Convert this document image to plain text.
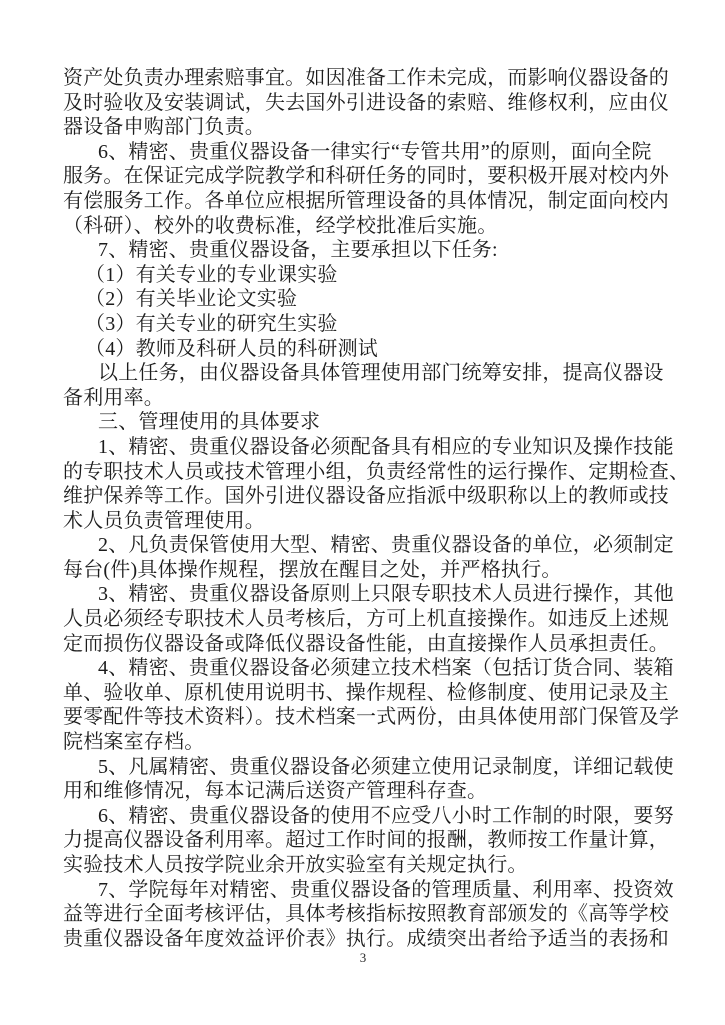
资产处负责办理索赔事宜。如因准备工作未完成，而影响仪器设备的
及时验收及安装调试，失去国外引进设备的索赔、维修权利，应由仪
器设备申购部门负责。
6、精密、贵重仪器设备一律实行“专管共用”的原则，面向全院
服务。在保证完成学院教学和科研任务的同时，要积极开展对校内外
有偿服务工作。各单位应根据所管理设备的具体情况，制定面向校内
（科研）、校外的收费标准，经学校批准后实施。
7、精密、贵重仪器设备，主要承担以下任务:
（1）有关专业的专业课实验
（2）有关毕业论文实验
（3）有关专业的研究生实验
（4）教师及科研人员的科研测试
以上任务，由仪器设备具体管理使用部门统筹安排，提高仪器设
备利用率。
三、管理使用的具体要求
1、精密、贵重仪器设备必须配备具有相应的专业知识及操作技能
的专职技术人员或技术管理小组，负责经常性的运行操作、定期检查、
维护保养等工作。国外引进仪器设备应指派中级职称以上的教师或技
术人员负责管理使用。
2、凡负责保管使用大型、精密、贵重仪器设备的单位，必须制定
每台(件)具体操作规程，摆放在醒目之处，并严格执行。
3、精密、贵重仪器设备原则上只限专职技术人员进行操作，其他
人员必须经专职技术人员考核后，方可上机直接操作。如违反上述规
定而损伤仪器设备或降低仪器设备性能，由直接操作人员承担责任。
4、精密、贵重仪器设备必须建立技术档案（包括订货合同、装箱
单、验收单、原机使用说明书、操作规程、检修制度、使用记录及主
要零配件等技术资料）。技术档案一式两份，由具体使用部门保管及学
院档案室存档。
5、凡属精密、贵重仪器设备必须建立使用记录制度，详细记载使
用和维修情况，每本记满后送资产管理科存查。
6、精密、贵重仪器设备的使用不应受八小时工作制的时限，要努
力提高仪器设备利用率。超过工作时间的报酬，教师按工作量计算，
实验技术人员按学院业余开放实验室有关规定执行。
7、学院每年对精密、贵重仪器设备的管理质量、利用率、投资效
益等进行全面考核评估，具体考核指标按照教育部颁发的《高等学校
贵重仪器设备年度效益评价表》执行。成绩突出者给予适当的表扬和
3
